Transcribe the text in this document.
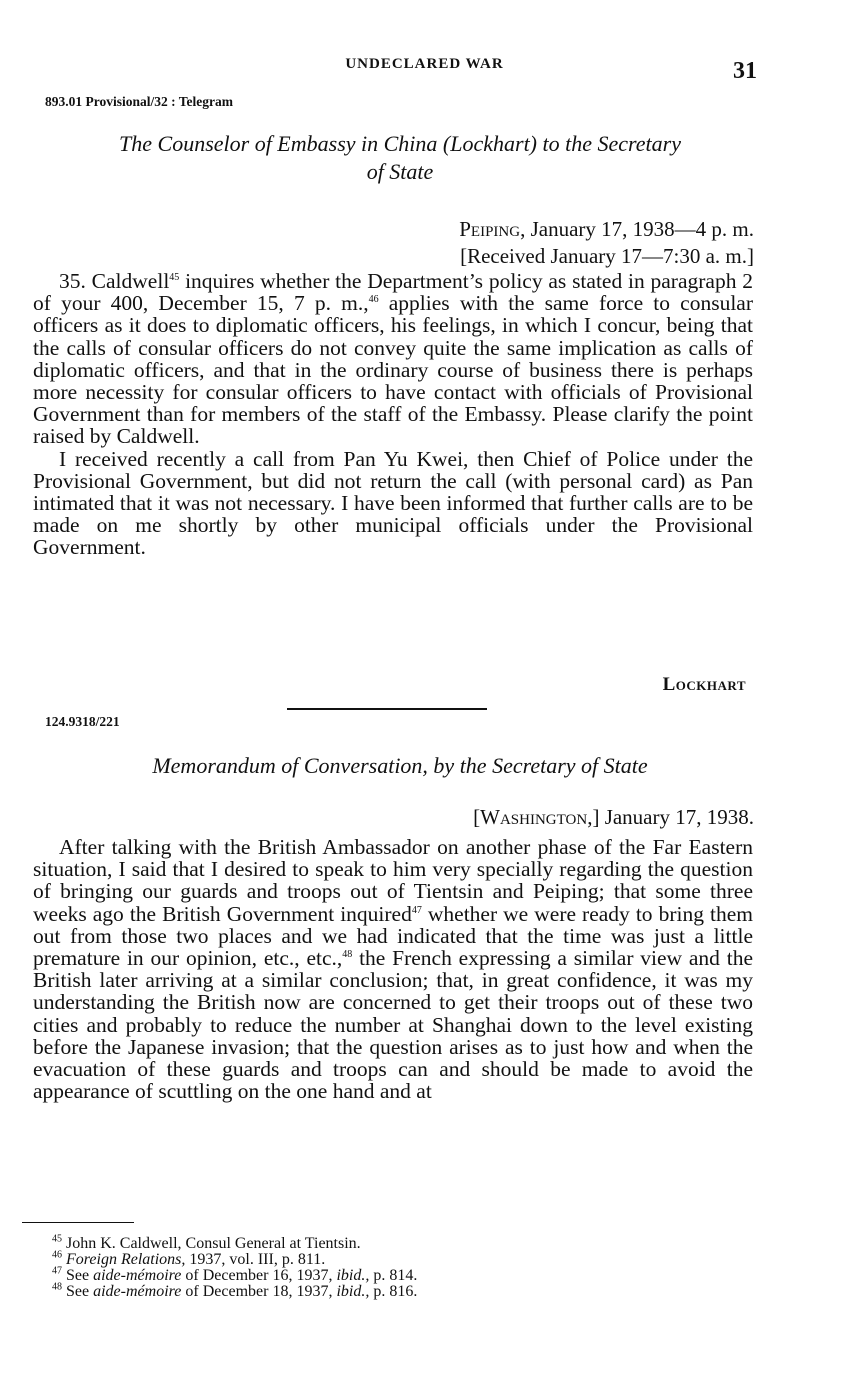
UNDECLARED WAR	31
893.01 Provisional/32 : Telegram
The Counselor of Embassy in China (Lockhart) to the Secretary
of State
Peiping, January 17, 1938—4 p. m.
[Received January 17—7:30 a. m.]

35. Caldwell$^{45}$ inquires whether the Department’s policy as stated in paragraph 2 of your 400, December 15, 7 p. m.,$^{46}$ applies with the same force to consular officers as it does to diplomatic officers, his feelings, in which I concur, being that the calls of consular officers do not convey quite the same implication as calls of diplomatic officers, and that in the ordinary course of business there is perhaps more necessity for consular officers to have contact with officials of Provisional Government than for members of the staff of the Embassy. Please clarify the point raised by Caldwell.

I received recently a call from Pan Yu Kwei, then Chief of Police under the Provisional Government, but did not return the call (with personal card) as Pan intimated that it was not necessary. I have been informed that further calls are to be made on me shortly by other municipal officials under the Provisional Government.

Lockhart
124.9318/221
Memorandum of Conversation, by the Secretary of State
[Washington,] January 17, 1938.

After talking with the British Ambassador on another phase of the Far Eastern situation, I said that I desired to speak to him very specially regarding the question of bringing our guards and troops out of Tientsin and Peiping; that some three weeks ago the British Government inquired$^{47}$ whether we were ready to bring them out from those two places and we had indicated that the time was just a little premature in our opinion, etc., etc.,$^{48}$ the French expressing a similar view and the British later arriving at a similar conclusion; that, in great confidence, it was my understanding the British now are concerned to get their troops out of these two cities and probably to reduce the number at Shanghai down to the level existing before the Japanese invasion; that the question arises as to just how and when the evacuation of these guards and troops can and should be made to avoid the appearance of scuttling on the one hand and at

$^{45}$ John K. Caldwell, Consul General at Tientsin.
$^{46}$ Foreign Relations, 1937, vol. III, p. 811.
$^{47}$ See aide-mémoire of December 16, 1937, ibid., p. 814.
$^{48}$ See aide-mémoire of December 18, 1937, ibid., p. 816.
